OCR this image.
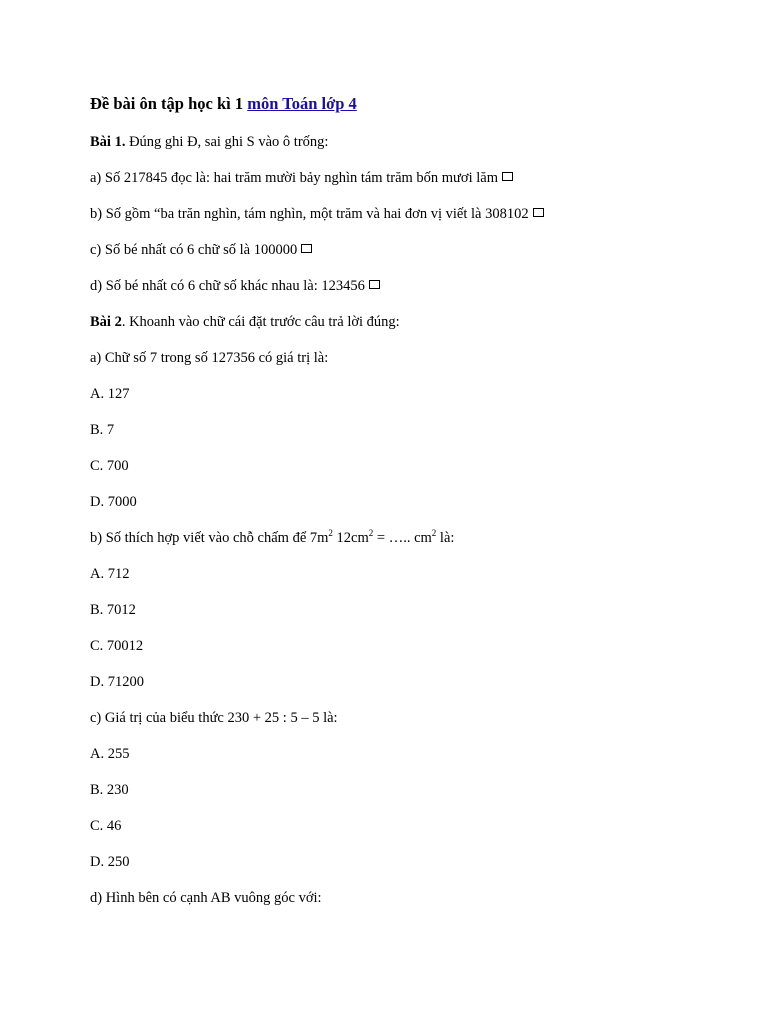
Đề bài ôn tập học kì 1 môn Toán lớp 4
Bài 1. Đúng ghi Đ, sai ghi S vào ô trống:
a) Số 217845 đọc là: hai trăm mười bảy nghìn tám trăm bốn mươi lăm
b) Số gồm “ba trăn nghìn, tám nghìn, một trăm và hai đơn vị viết là 308102
c) Số bé nhất có 6 chữ số là 100000
d) Số bé nhất có 6 chữ số khác nhau là: 123456
Bài 2. Khoanh vào chữ cái đặt trước câu trả lời đúng:
a) Chữ số 7 trong số 127356 có giá trị là:
A. 127
B. 7
C. 700
D. 7000
b) Số thích hợp viết vào chỗ chấm để $7m^2$ $12cm^2$ = ….. $cm^2$ là:
A. 712
B. 7012
C. 70012
D. 71200
c) Giá trị của biểu thức 230 + 25 : 5 – 5 là:
A. 255
B. 230
C. 46
D. 250
d) Hình bên có cạnh AB vuông góc với:
